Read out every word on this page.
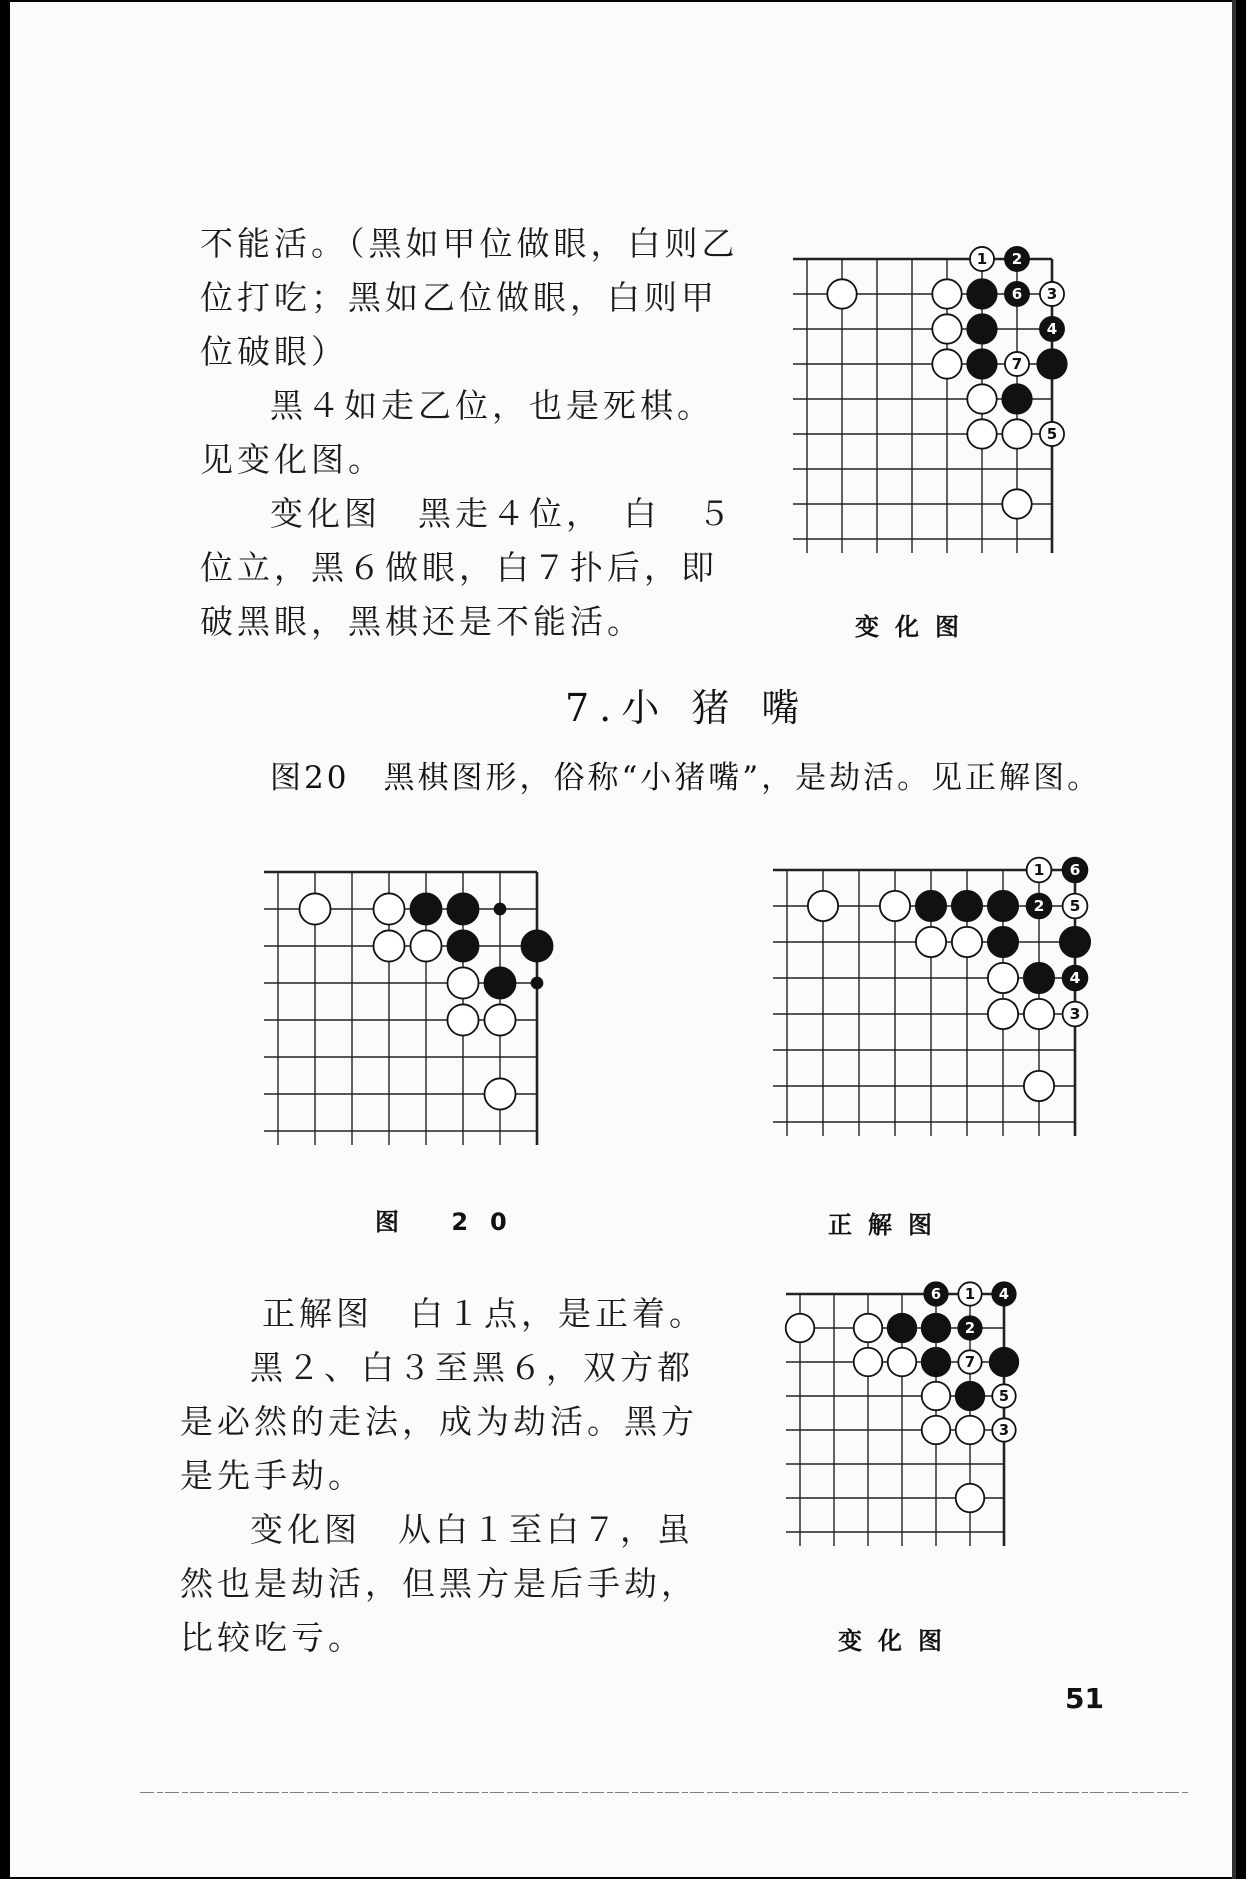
不能活。（黑如甲位做眼，白则乙位打吃；黑如乙位做眼，白则甲位破眼）

黑４如走乙位，也是死棋。见变化图。

变化图　黑走４位，　白　５　位立，黑６做眼，白７扑后，即破黑眼，黑棋还是不能活。

6 3
1 2
4
7
5
变化图
7.小 猪 嘴
图20　黑棋图形，俗称“小猪嘴”，是劫活。见正解图。
图 20
2 5
1 6
4
3
正解图

正解图　白１点，是正着。

黑２、白３至黑６，双方都是必然的走法，成为劫活。黑方是先手劫。

变化图　从白１至白７，虽然也是劫活，但黑方是后手劫，比较吃亏。

6 1 4
2
7
5
3
变化图
51
